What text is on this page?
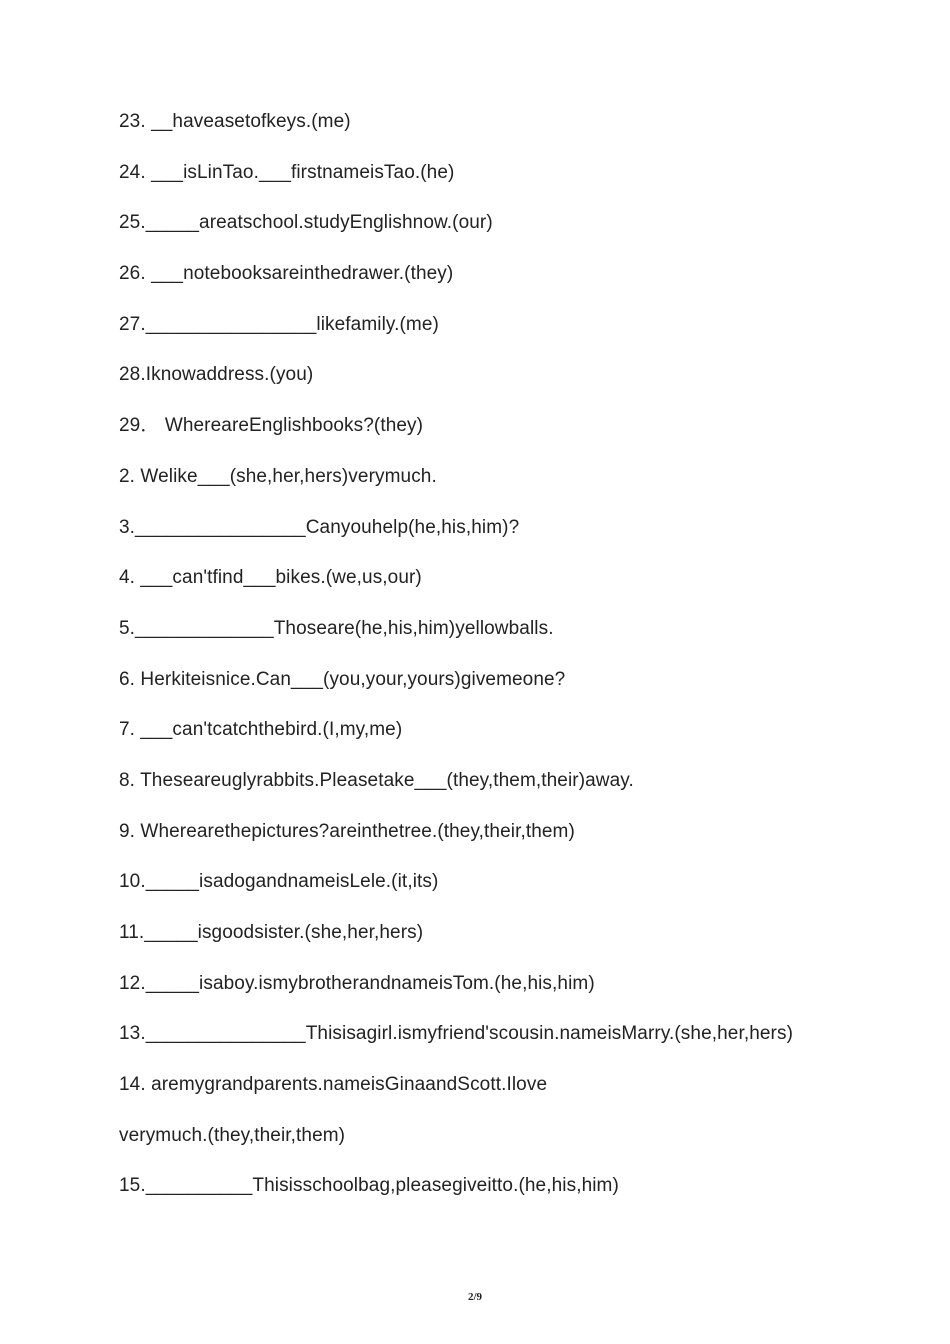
23. __haveasetofkeys.(me)
24. ___isLinTao.___firstnameisTao.(he)
25._____areatschool.studyEnglishnow.(our)
26. ___notebooksareinthedrawer.(they)
27.________________likefamily.(me)
28.Iknowaddress.(you)
29． WhereareEnglishbooks?(they)
2. Welike___(she,her,hers)verymuch.
3.________________Canyouhelp(he,his,him)?
4. ___can'tfind___bikes.(we,us,our)
5._____________Thoseare(he,his,him)yellowballs.
6. Herkiteisnice.Can___(you,your,yours)givemeone?
7. ___can'tcatchthebird.(I,my,me)
8. Theseareuglyrabbits.Pleasetake___(they,them,their)away.
9. Wherearethepictures?areinthetree.(they,their,them)
10._____isadogandnameisLele.(it,its)
11._____isgoodsister.(she,her,hers)
12._____isaboy.ismybrotherandnameisTom.(he,his,him)
13._______________Thisisagirl.ismyfriend'scousin.nameisMarry.(she,her,hers)
14. aremygrandparents.nameisGinaandScott.Ilove
verymuch.(they,their,them)
15.__________Thisisschoolbag,pleasegiveitto.(he,his,him)
2/9
